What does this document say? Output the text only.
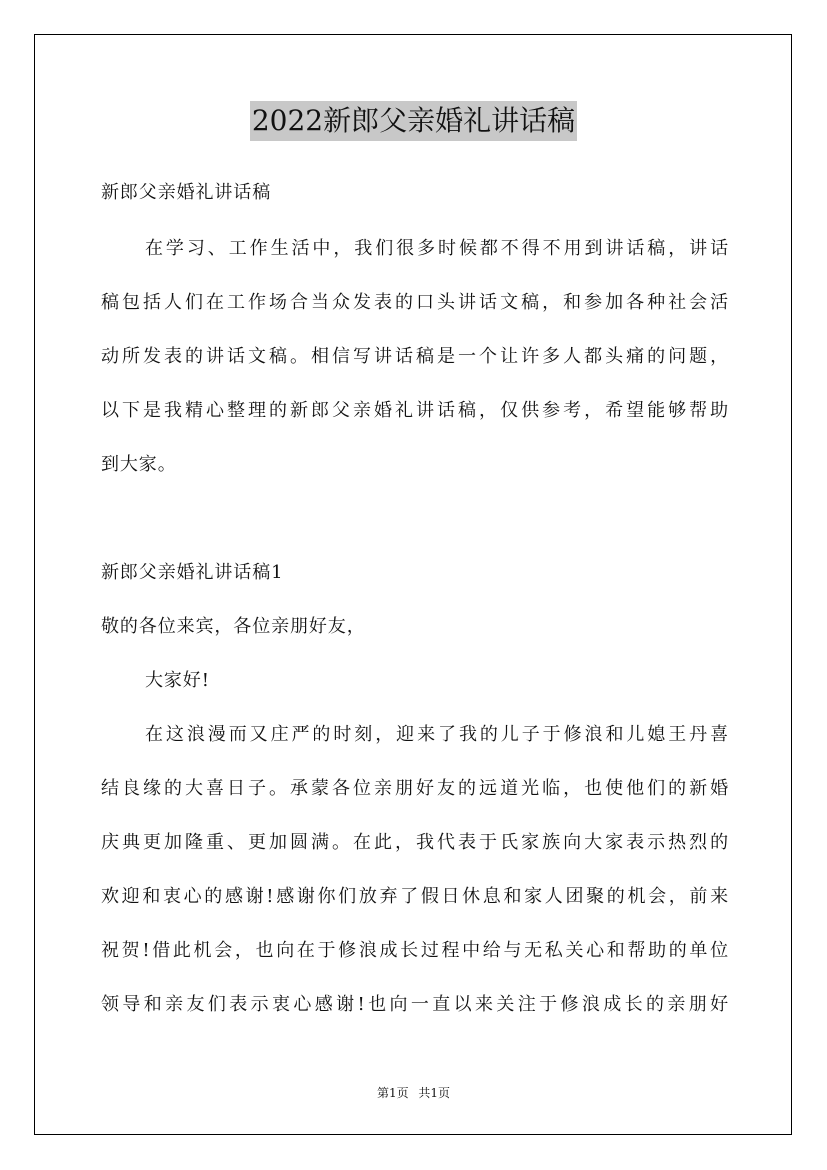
2022新郎父亲婚礼讲话稿
新郎父亲婚礼讲话稿
在学习、工作生活中，我们很多时候都不得不用到讲话稿，讲话
稿包括人们在工作场合当众发表的口头讲话文稿，和参加各种社会活
动所发表的讲话文稿。相信写讲话稿是一个让许多人都头痛的问题，
以下是我精心整理的新郎父亲婚礼讲话稿，仅供参考，希望能够帮助
到大家。
新郎父亲婚礼讲话稿1
敬的各位来宾，各位亲朋好友，
大家好!
在这浪漫而又庄严的时刻，迎来了我的儿子于修浪和儿媳王丹喜
结良缘的大喜日子。承蒙各位亲朋好友的远道光临，也使他们的新婚
庆典更加隆重、更加圆满。在此，我代表于氏家族向大家表示热烈的
欢迎和衷心的感谢!感谢你们放弃了假日休息和家人团聚的机会，前来
祝贺!借此机会，也向在于修浪成长过程中给与无私关心和帮助的单位
领导和亲友们表示衷心感谢!也向一直以来关注于修浪成长的亲朋好
第1页 共1页
